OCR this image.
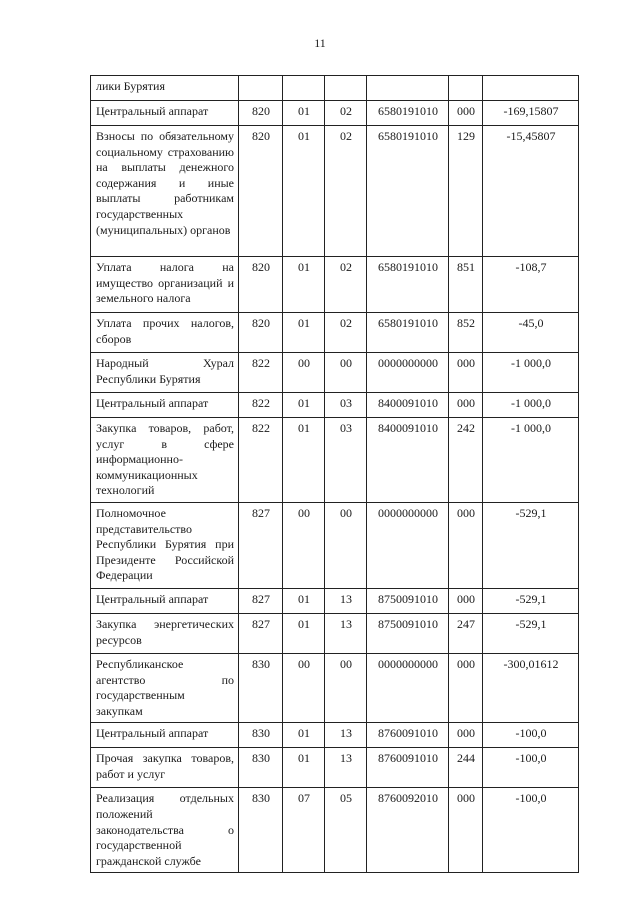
11
лики Бурятия						
Центральный аппарат	820	01	02	6580191010	000	-169,15807
Взносы по обязательному социальному страхованию на выплаты денежного содержания и иные выплаты работникам государственных (муниципальных) органов	820	01	02	6580191010	129	-15,45807
Уплата налога на имущество организаций и земельного налога	820	01	02	6580191010	851	-108,7
Уплата прочих налогов, сборов	820	01	02	6580191010	852	-45,0
Народный Хурал Республики Бурятия	822	00	00	0000000000	000	-1 000,0
Центральный аппарат	822	01	03	8400091010	000	-1 000,0
Закупка товаров, работ, услуг в сфере информационно-коммуникационных технологий	822	01	03	8400091010	242	-1 000,0
Полномочное представительство Республики Бурятия при Президенте Российской Федерации	827	00	00	0000000000	000	-529,1
Центральный аппарат	827	01	13	8750091010	000	-529,1
Закупка энергетических ресурсов	827	01	13	8750091010	247	-529,1
Республиканское агентство по государственным закупкам	830	00	00	0000000000	000	-300,01612
Центральный аппарат	830	01	13	8760091010	000	-100,0
Прочая закупка товаров, работ и услуг	830	01	13	8760091010	244	-100,0
Реализация отдельных положений законодательства о государственной гражданской службе	830	07	05	8760092010	000	-100,0
